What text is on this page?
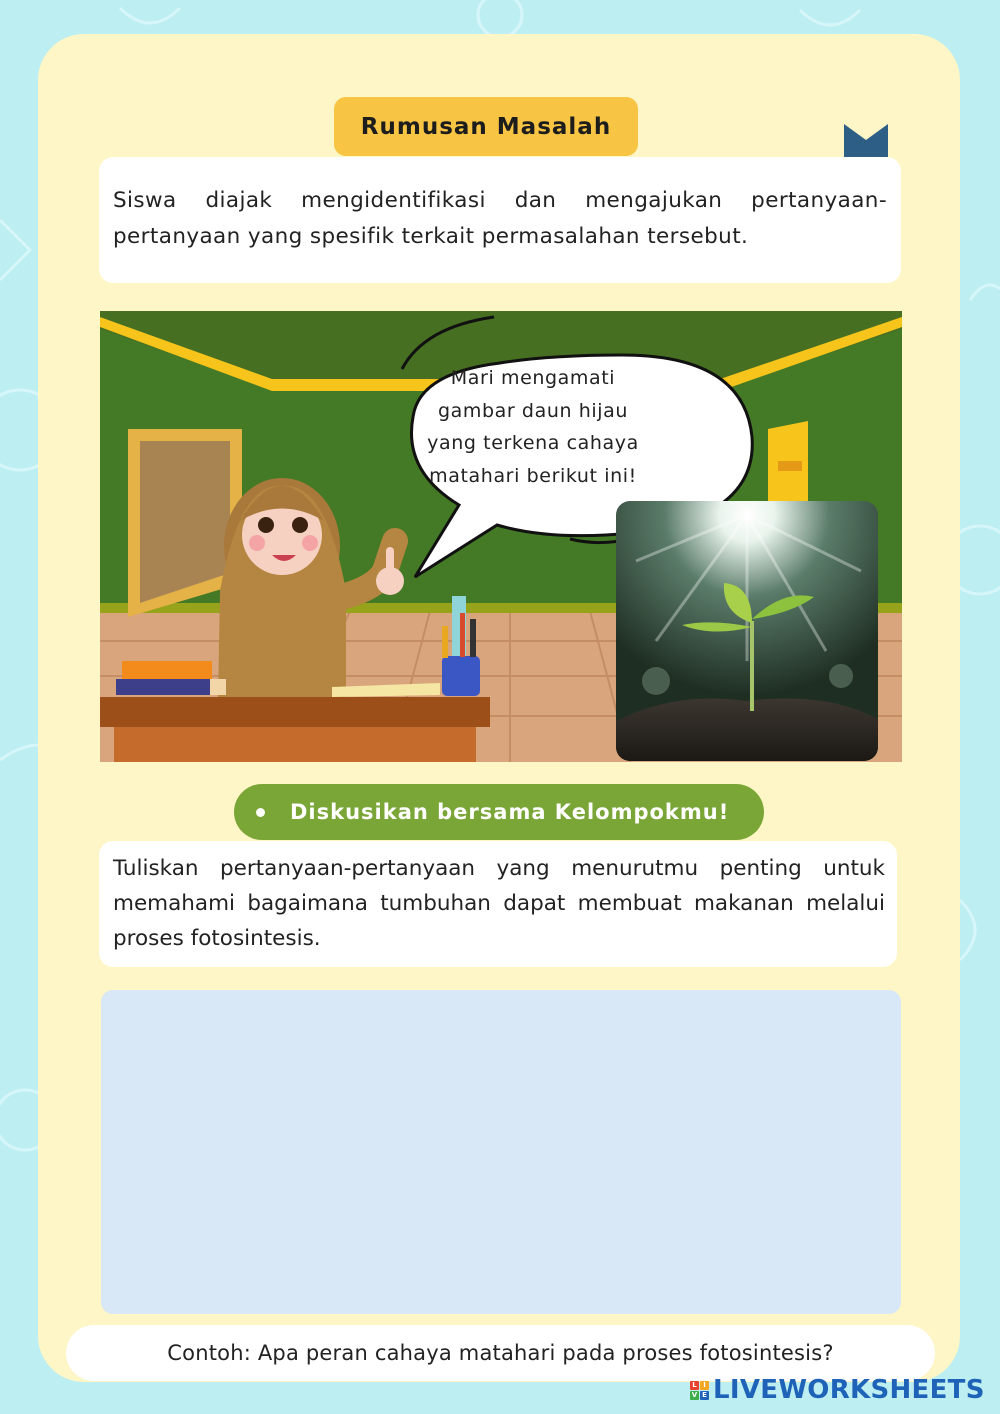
Rumusan Masalah
Siswa diajak mengidentifikasi dan mengajukan pertanyaan-pertanyaan yang spesifik terkait permasalahan tersebut.
Mari mengamati
gambar daun hijau
yang terkena cahaya
matahari berikut ini!
Diskusikan bersama Kelompokmu!
Tuliskan pertanyaan-pertanyaan yang menurutmu penting untuk memahami bagaimana tumbuhan dapat membuat makanan melalui proses fotosintesis.
Contoh: Apa peran cahaya matahari pada proses fotosintesis?
L I
V E LIVEWORKSHEETS
